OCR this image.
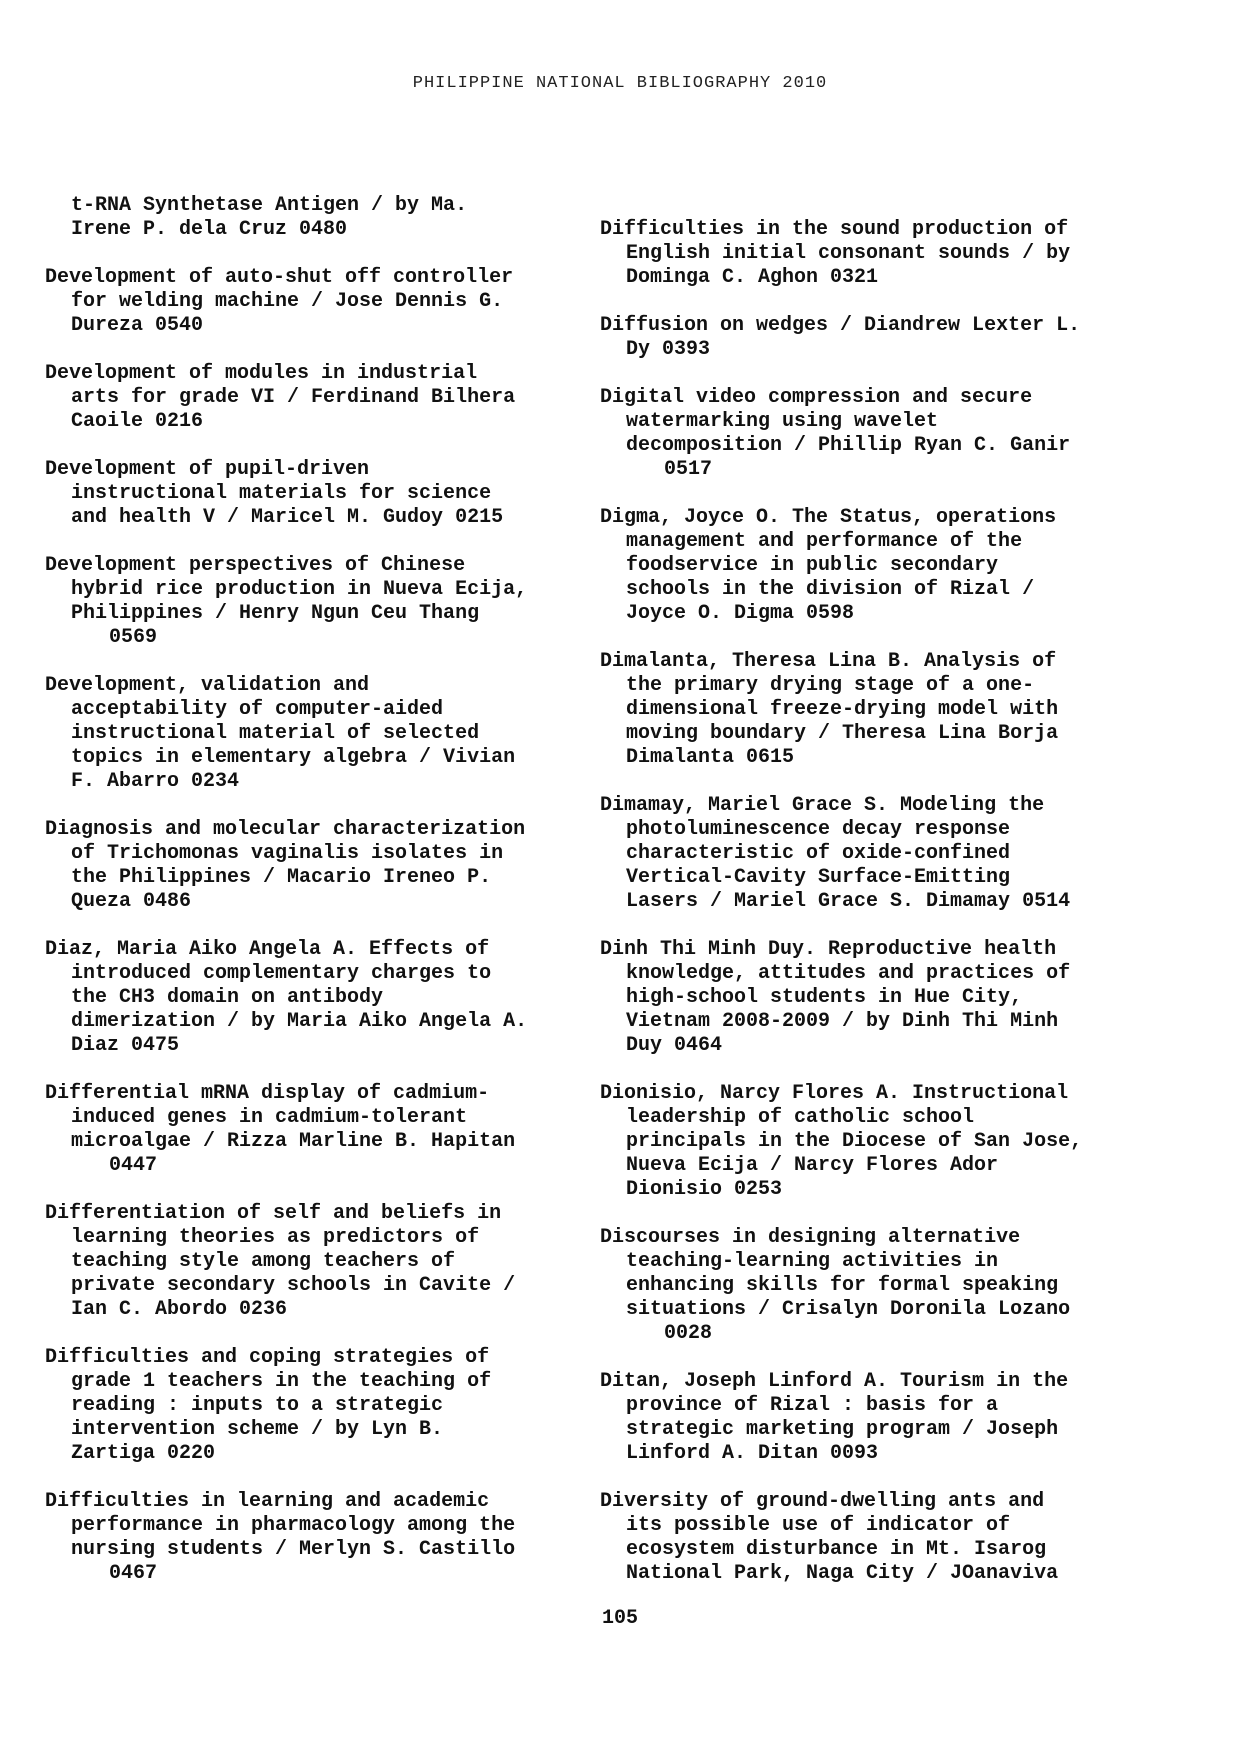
PHILIPPINE NATIONAL BIBLIOGRAPHY 2010
t-RNA Synthetase Antigen / by Ma.
Irene P. dela Cruz 0480
Development of auto-shut off controller
for welding machine / Jose Dennis G.
Dureza 0540
Development of modules in industrial
arts for grade VI / Ferdinand Bilhera
Caoile 0216
Development of pupil-driven
instructional materials for science
and health V / Maricel M. Gudoy 0215
Development perspectives of Chinese
hybrid rice production in Nueva Ecija,
Philippines / Henry Ngun Ceu Thang
0569
Development, validation and
acceptability of computer-aided
instructional material of selected
topics in elementary algebra / Vivian
F. Abarro 0234
Diagnosis and molecular characterization
of Trichomonas vaginalis isolates in
the Philippines / Macario Ireneo P.
Queza 0486
Diaz, Maria Aiko Angela A. Effects of
introduced complementary charges to
the CH3 domain on antibody
dimerization / by Maria Aiko Angela A.
Diaz 0475
Differential mRNA display of cadmium-
induced genes in cadmium-tolerant
microalgae / Rizza Marline B. Hapitan
0447
Differentiation of self and beliefs in
learning theories as predictors of
teaching style among teachers of
private secondary schools in Cavite /
Ian C. Abordo 0236
Difficulties and coping strategies of
grade 1 teachers in the teaching of
reading : inputs to a strategic
intervention scheme / by Lyn B.
Zartiga 0220
Difficulties in learning and academic
performance in pharmacology among the
nursing students / Merlyn S. Castillo
0467
Difficulties in the sound production of
English initial consonant sounds / by
Dominga C. Aghon 0321
Diffusion on wedges / Diandrew Lexter L.
Dy 0393
Digital video compression and secure
watermarking using wavelet
decomposition / Phillip Ryan C. Ganir
0517
Digma, Joyce O. The Status, operations
management and performance of the
foodservice in public secondary
schools in the division of Rizal /
Joyce O. Digma 0598
Dimalanta, Theresa Lina B. Analysis of
the primary drying stage of a one-
dimensional freeze-drying model with
moving boundary / Theresa Lina Borja
Dimalanta 0615
Dimamay, Mariel Grace S. Modeling the
photoluminescence decay response
characteristic of oxide-confined
Vertical-Cavity Surface-Emitting
Lasers / Mariel Grace S. Dimamay 0514
Dinh Thi Minh Duy. Reproductive health
knowledge, attitudes and practices of
high-school students in Hue City,
Vietnam 2008-2009 / by Dinh Thi Minh
Duy 0464
Dionisio, Narcy Flores A. Instructional
leadership of catholic school
principals in the Diocese of San Jose,
Nueva Ecija / Narcy Flores Ador
Dionisio 0253
Discourses in designing alternative
teaching-learning activities in
enhancing skills for formal speaking
situations / Crisalyn Doronila Lozano
0028
Ditan, Joseph Linford A. Tourism in the
province of Rizal : basis for a
strategic marketing program / Joseph
Linford A. Ditan 0093
Diversity of ground-dwelling ants and
its possible use of indicator of
ecosystem disturbance in Mt. Isarog
National Park, Naga City / JOanaviva
105
